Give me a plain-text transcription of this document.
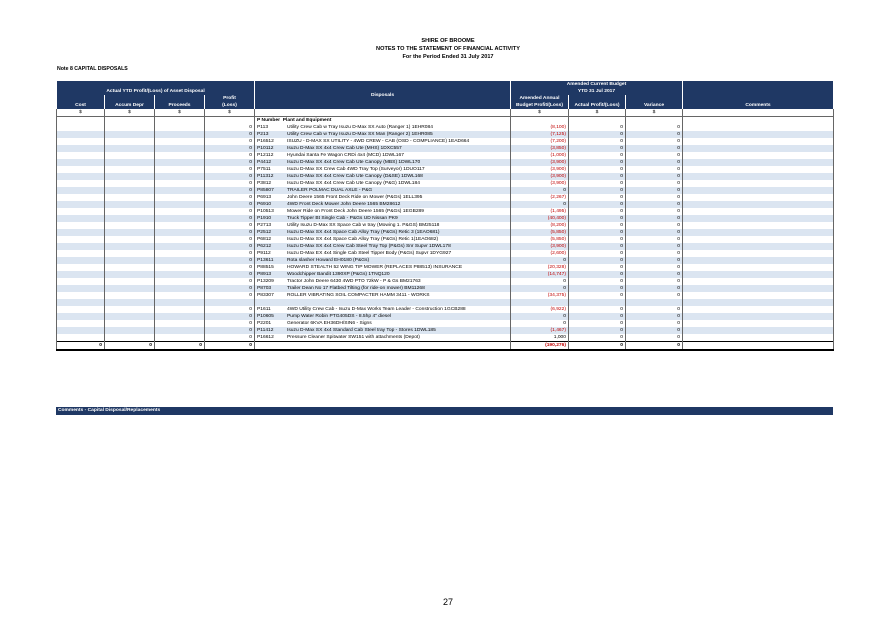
SHIRE OF BROOME
NOTES TO THE STATEMENT OF FINANCIAL ACTIVITY
For the Period Ended 31 July 2017
Note 8 CAPITAL DISPOSALS
Actual YTD Profit/(Loss) of Asset Disposal				Disposals	Amended Current Budget			Comments
					YTD 31 Jul 2017			
			Profit
(Loss)		Amended Annual
Budget Profit/(Loss)	Actual Profit/(Loss)	Variance	
Cost	Accum Depr	Proceeds						
$	$	$	$		$	$	$	
				P Number Plant and Equipment				
			0	P113 Utility Crew Cab w Tray Isuzu D-Max SX Auto (Ranger 1) 1EHR084	(8,100)	0	0	
			0	P213 Utility Crew Cab w Tray Isuzu D-Max SX Man (Ranger 2) 1EHR085	(7,125)	0	0	
			0	P16512 ISUZU - D-MAX SX UTILITY - 4WD CREW - CAB (OSD - COMPLIANCE) 1EAD664	(7,200)	0	0	
			0	P10112 Isuzu D-Max SX 4x4 Crew Cab Ute (MHS) 1DXC557	(3,850)	0	0	
			0	P12112 Hyundai Santa Fe Wagon CRDi 4x4 (MCD) 1DWL167	(1,000)	0	0	
			0	P4412 Isuzu D-Max SX 4x4 Crew Cab Ute Canopy (MBS) 1DWL170	(3,900)	0	0	
			0	P7511 Isuzu D-Max SX Crew Cab 4WD Tray Top (Surveyor) 1DUO117	(3,900)	0	0	
			0	P11312 Isuzu D-Max SX 4x4 Crew Cab Ute Canopy (D&SE) 1DWL168	(3,900)	0	0	
			0	P3812 Isuzu D-Max SX 4x4 Crew Cab Ute Canopy (P&G) 1DWL184	(3,900)	0	0	
			0	P85807 TRAILER POLMAC DUAL AXLE - P&G	0	0	0	
			0	P6913 John Deere 1565 Front Deck Ride on Mower (P&Gs) 1ELL395	(2,267)	0	0	
			0	P6910 4WD Front Deck Mower John Deere 1565 BM28612	0	0	0	
			0	P10513 Mower Ride on Front Deck John Deere 1565 (P&Gs) 1EGB289	(1,495)	0	0	
			0	P1910 Truck Tipper Bt Single Cab - P&Gs UD Nissan PK9	(40,400)	0	0	
			0	P2713 Utility Isuzu D-Max SX Space Cab w tray (Mowing 1. P&GS) BM25118	(8,200)	0	0	
			0	P2512 Isuzu D-Max SX 4x4 Space Cab Alloy Tray (P&Gs) Retic 3 (1EAO681)	(5,850)	0	0	
			0	P6812 Isuzu D-Max SX 4x4 Space Cab Alloy Tray (P&Gs) Retic 1(1EAO682)	(5,850)	0	0	
			0	P6212 Isuzu D-Max SX 4x4 Crew Cab Steel Tray Top (P&Gs) Snr Supvr 1DWL178	(3,900)	0	0	
			0	P9112 Isuzu D-Max EX 4x4 Single Cab Steel Tipper Body (P&Gs) Supvr 1DYG927	(2,600)	0	0	
			0	P13611 Rota slasher Howard EH0180 (P&Gs)	0	0	0	
			0	P88515 HOWARD STEALTH 52 WING TIP MOWER (REPLACES P88513) INSURANCE	(20,328)	0	0	
			0	P8913 Woodchipper Bandit 1390XP (P&Gs) 1TNQ120	(14,747)	0	0	
			0	P13209 Tractor John Deere 6430 4WD PTO 72kW - P & Gs BM21763	0	0	0	
			0	P8703 Trailer Dean No 17 Flatbed Tilting (for ride-on mower) BM11268	0	0	0	
			0	P83307 ROLLER VIBRATING SOIL COMPACTER HAMM 3411 - WORKS	(34,375)	0	0	

			0	P1611 4WD Utility Crew Cab - Isuzu D-Max Works Team Leader - Construction 1GCB288	(6,922)	0	0	
			0	P10605 Pump Water Robin PTG405DS - 8.5hp 4" diesel	0	0	0	
			0	P2201 Generator 6KVA EH36DH/SIN6 - Signs	0	0	0	
			0	P11412 Isuzu D-Max SX 4x4 Standard Cab Steel tray Top - Stores 1DWL185	(1,467)	0	0	
			0	P16612 Pressure Cleaner Spitwater SW151 with attachments (Depot)	1,000	0	0	
0	0	0	0		(190,276)	0	0	
Comments - Capital Disposal/Replacements
27
